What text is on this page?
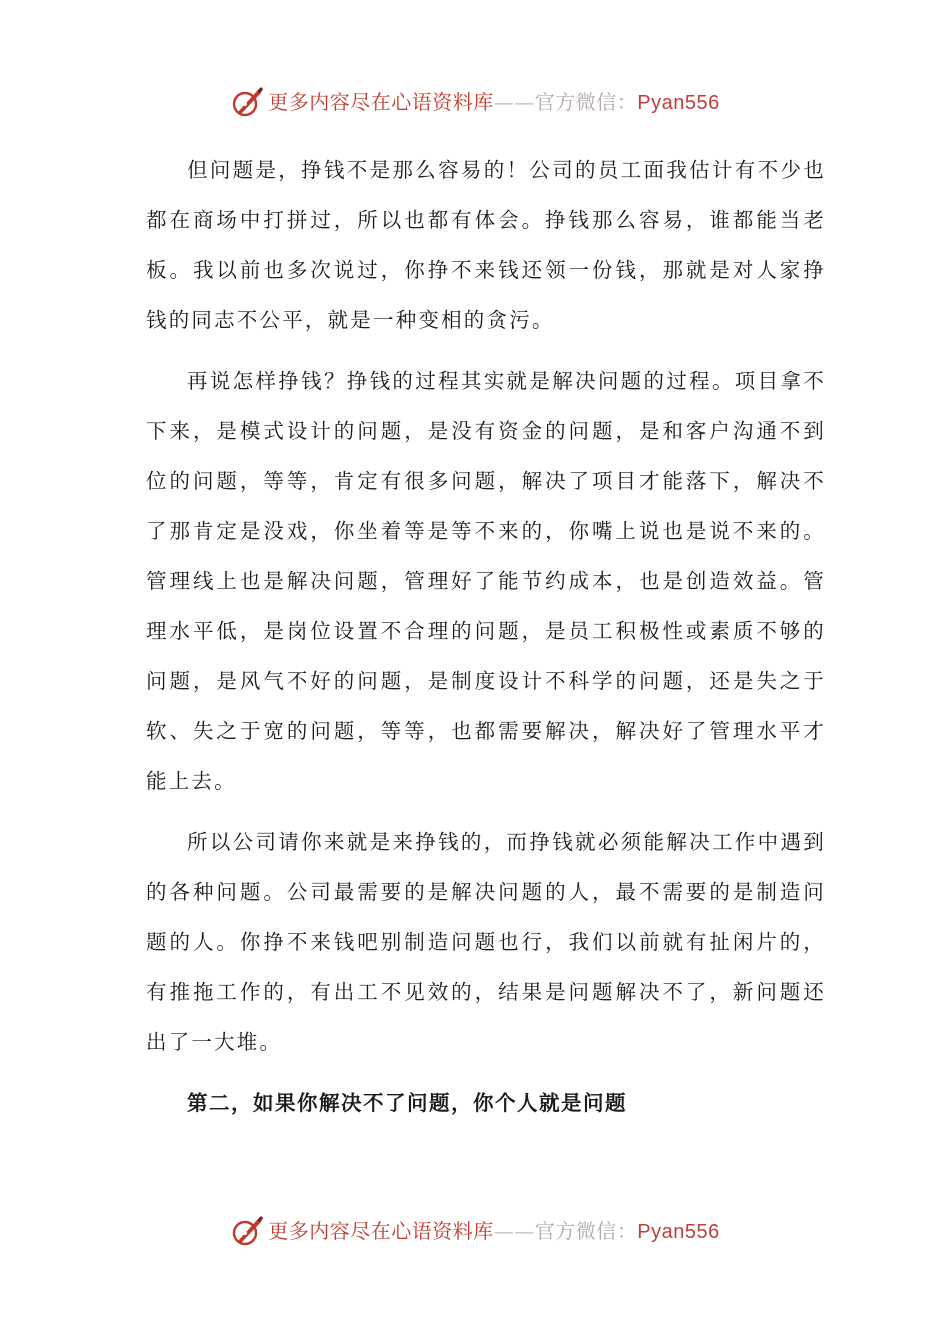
更多内容尽在心语资料库——官方微信：Pyan556

但问题是，挣钱不是那么容易的！公司的员工面我估计有不少也都在商场中打拼过，所以也都有体会。挣钱那么容易，谁都能当老板。我以前也多次说过，你挣不来钱还领一份钱，那就是对人家挣钱的同志不公平，就是一种变相的贪污。

再说怎样挣钱？挣钱的过程其实就是解决问题的过程。项目拿不下来，是模式设计的问题，是没有资金的问题，是和客户沟通不到位的问题，等等，肯定有很多问题，解决了项目才能落下，解决不了那肯定是没戏，你坐着等是等不来的，你嘴上说也是说不来的。管理线上也是解决问题，管理好了能节约成本，也是创造效益。管理水平低，是岗位设置不合理的问题，是员工积极性或素质不够的问题，是风气不好的问题，是制度设计不科学的问题，还是失之于软、失之于宽的问题，等等，也都需要解决，解决好了管理水平才能上去。

所以公司请你来就是来挣钱的，而挣钱就必须能解决工作中遇到的各种问题。公司最需要的是解决问题的人，最不需要的是制造问题的人。你挣不来钱吧别制造问题也行，我们以前就有扯闲片的，有推拖工作的，有出工不见效的，结果是问题解决不了，新问题还出了一大堆。

第二，如果你解决不了问题，你个人就是问题

更多内容尽在心语资料库——官方微信：Pyan556
